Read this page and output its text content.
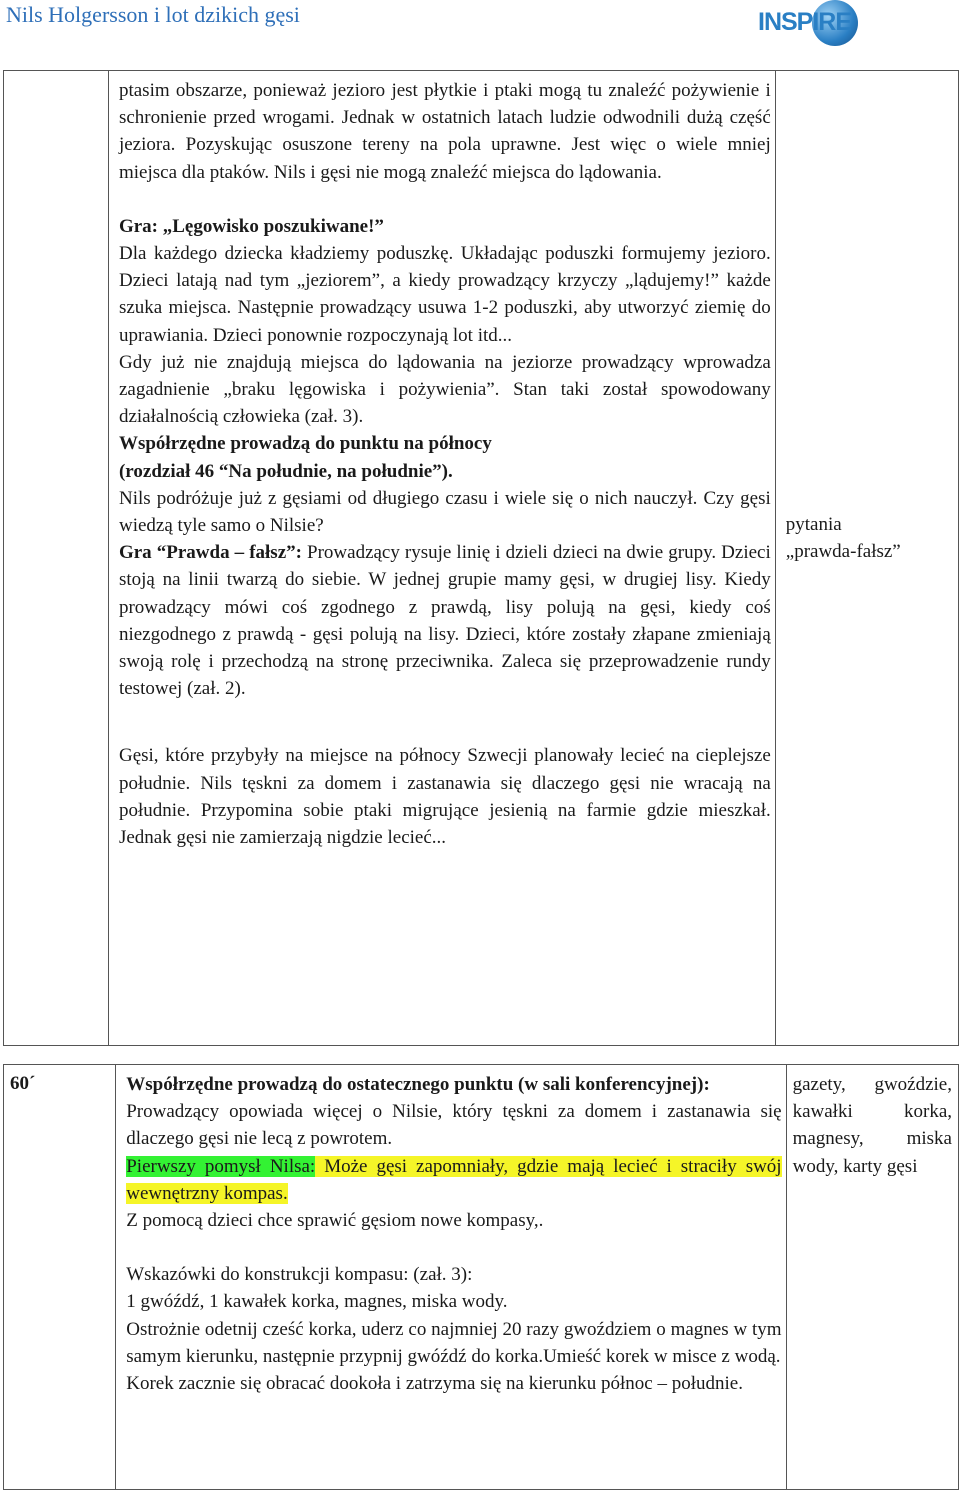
Nils Holgersson i lot dzikich gęsi	INSPIRE

ptasim obszarze, ponieważ jezioro jest płytkie i ptaki mogą tu znaleźć pożywienie i schronienie przed wrogami. Jednak w ostatnich latach ludzie odwodnili dużą część jeziora. Pozyskując osuszone tereny na pola uprawne. Jest więc o wiele mniej miejsca dla ptaków. Nils i gęsi nie mogą znaleźć miejsca do lądowania.

Gra: „Lęgowisko poszukiwane!”

Dla każdego dziecka kładziemy poduszkę. Układając poduszki formujemy jezioro. Dzieci latają nad tym „jeziorem”, a kiedy prowadzący krzyczy „lądujemy!” każde szuka miejsca. Następnie prowadzący usuwa 1-2 poduszki, aby utworzyć ziemię do uprawiania. Dzieci ponownie rozpoczynają lot itd...

Gdy już nie znajdują miejsca do lądowania na jeziorze prowadzący wprowadza zagadnienie „braku lęgowiska i pożywienia”. Stan taki został spowodowany działalnością człowieka (zał. 3).

Współrzędne prowadzą do punktu na północy

(rozdział 46 “Na południe, na południe”).

Nils podróżuje już z gęsiami od długiego czasu i wiele się o nich nauczył. Czy gęsi wiedzą tyle samo o Nilsie?

Gra “Prawda – fałsz”: Prowadzący rysuje linię i dzieli dzieci na dwie grupy. Dzieci stoją na linii twarzą do siebie. W jednej grupie mamy gęsi, w drugiej lisy. Kiedy prowadzący mówi coś zgodnego z prawdą, lisy polują na gęsi, kiedy coś niezgodnego z prawdą - gęsi polują na lisy. Dzieci, które zostały złapane zmieniają swoją rolę i przechodzą na stronę przeciwnika. Zaleca się przeprowadzenie rundy testowej (zał. 2).

Gęsi, które przybyły na miejsce na północy Szwecji planowały lecieć na cieplejsze południe. Nils tęskni za domem i zastanawia się dlaczego gęsi nie wracają na południe. Przypomina sobie ptaki migrujące jesienią na farmie gdzie mieszkał. Jednak gęsi nie zamierzają nigdzie lecieć...

pytania

„prawda-fałsz”

60´	Współrzędne prowadzą do ostatecznego punktu (w sali konferencyjnej):

Prowadzący opowiada więcej o Nilsie, który tęskni za domem i zastanawia się dlaczego gęsi nie lecą z powrotem.

Pierwszy pomysł Nilsa: Może gęsi zapomniały, gdzie mają lecieć i straciły swój wewnętrzny kompas.

Z pomocą dzieci chce sprawić gęsiom nowe kompasy,.

Wskazówki do konstrukcji kompasu: (zał. 3):

1 gwóźdź, 1 kawałek korka, magnes, miska wody.

Ostrożnie odetnij cześć korka, uderz co najmniej 20 razy gwoździem o magnes w tym samym kierunku, następnie przypnij gwóźdź do korka.Umieść korek w misce z wodą.

Korek zacznie się obracać dookoła i zatrzyma się na kierunku północ – południe.

gazety, gwoździe, kawałki korka, magnesy, miska wody, karty gęsi
